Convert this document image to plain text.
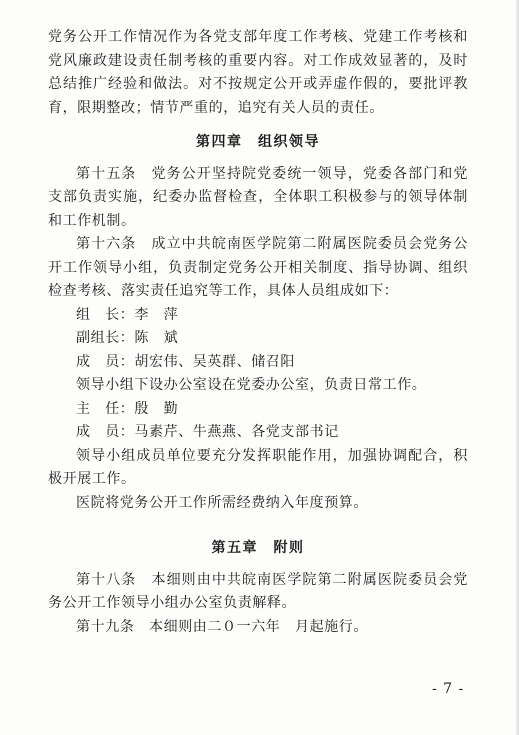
党务公开工作情况作为各党支部年度工作考核、党建工作考核和党风廉政建设责任制考核的重要内容。对工作成效显著的，及时总结推广经验和做法。对不按规定公开或弄虚作假的，要批评教育，限期整改；情节严重的，追究有关人员的责任。

第四章　组织领导

第十五条　党务公开坚持院党委统一领导，党委各部门和党支部负责实施，纪委办监督检查，全体职工积极参与的领导体制和工作机制。

第十六条　成立中共皖南医学院第二附属医院委员会党务公开工作领导小组，负责制定党务公开相关制度、指导协调、组织检查考核、落实责任追究等工作，具体人员组成如下：

组　长：李　萍

副组长：陈　斌

成　员：胡宏伟、吴英群、储召阳

领导小组下设办公室设在党委办公室，负责日常工作。

主　任：殷　勤

成　员：马素芹、牛燕燕、各党支部书记

领导小组成员单位要充分发挥职能作用，加强协调配合，积极开展工作。

医院将党务公开工作所需经费纳入年度预算。

第五章　附则

第十八条　本细则由中共皖南医学院第二附属医院委员会党务公开工作领导小组办公室负责解释。

第十九条　本细则由二０一六年　月起施行。

- 7 -
